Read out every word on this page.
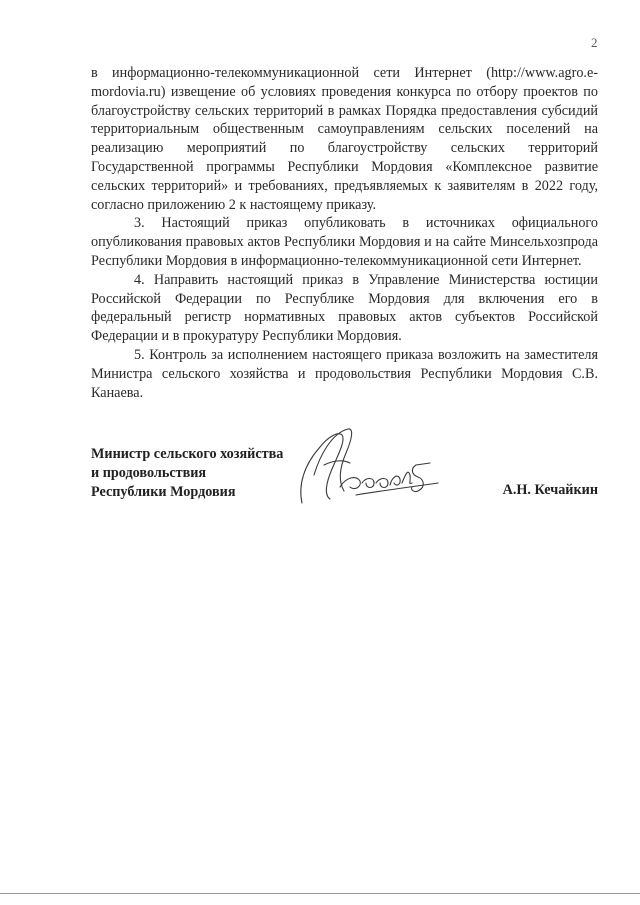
2

в информационно-телекоммуникационной сети Интернет (http://www.agro.e-mordovia.ru) извещение об условиях проведения конкурса по отбору проектов по благоустройству сельских территорий в рамках Порядка предоставления субсидий территориальным общественным самоуправлениям сельских поселений на реализацию мероприятий по благоустройству сельских территорий Государственной программы Республики Мордовия «Комплексное развитие сельских территорий» и требованиях, предъявляемых к заявителям в 2022 году, согласно приложению 2 к настоящему приказу.

3. Настоящий приказ опубликовать в источниках официального опубликования правовых актов Республики Мордовия и на сайте Минсельхозпрода Республики Мордовия в информационно-телекоммуникационной сети Интернет.

4. Направить настоящий приказ в Управление Министерства юстиции Российской Федерации по Республике Мордовия для включения его в федеральный регистр нормативных правовых актов субъектов Российской Федерации и в прокуратуру Республики Мордовия.

5. Контроль за исполнением настоящего приказа возложить на заместителя Министра сельского хозяйства и продовольствия Республики Мордовия С.В. Канаева.

Министр сельского хозяйства
и продовольствия
Республики Мордовия	А.Н. Кечайкин
